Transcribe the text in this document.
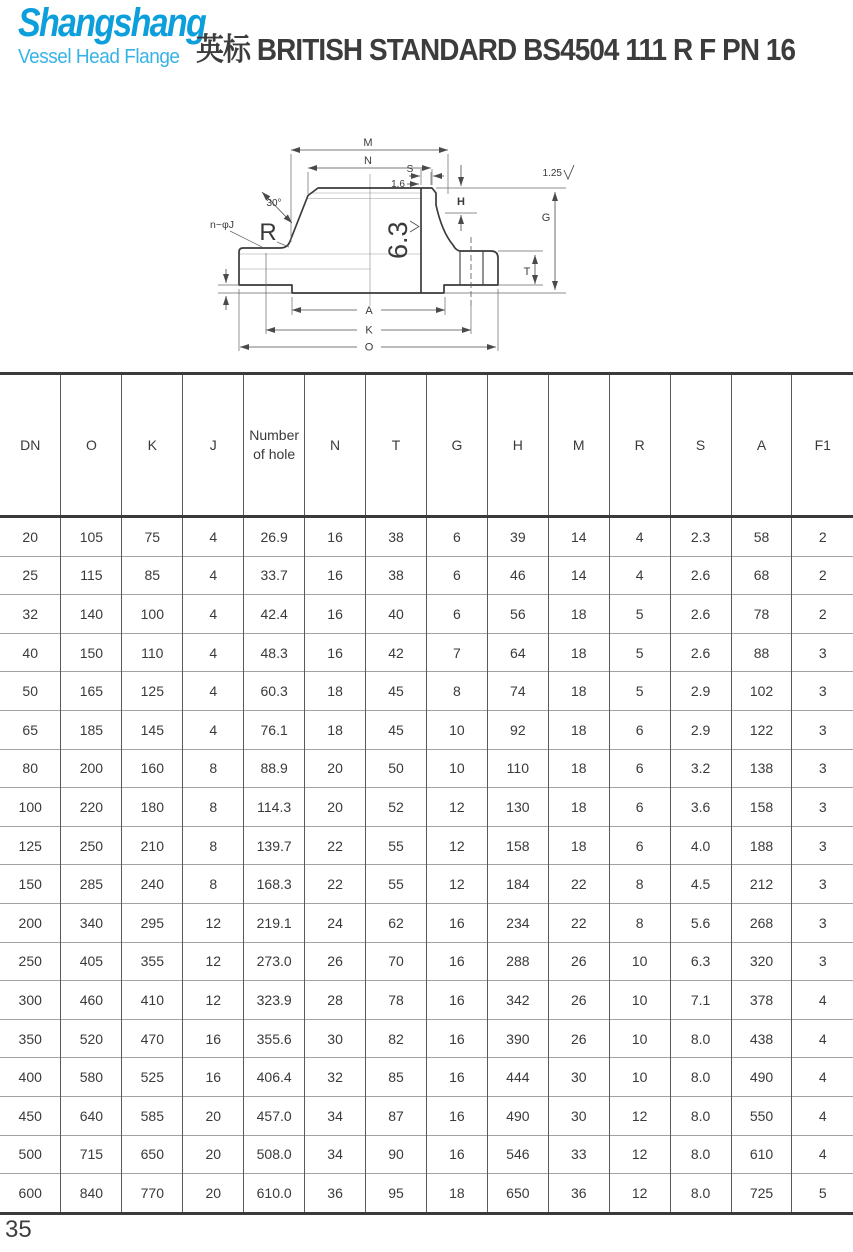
Shangshang
Vessel Head Flange 英标 BRITISH STANDARD BS4504 111 R F PN 16
M
N
S
1.6
H
G
1.25
30°
R
n~φJ	6.3
T
A
K
O
DN	O	K	J	Number of hole	N	T	G	H	M	R	S	A	F1
20	105	75	4	26.9	16	38	6	39	14	4	2.3	58	2
25	115	85	4	33.7	16	38	6	46	14	4	2.6	68	2
32	140	100	4	42.4	16	40	6	56	18	5	2.6	78	2
40	150	110	4	48.3	16	42	7	64	18	5	2.6	88	3
50	165	125	4	60.3	18	45	8	74	18	5	2.9	102	3
65	185	145	4	76.1	18	45	10	92	18	6	2.9	122	3
80	200	160	8	88.9	20	50	10	110	18	6	3.2	138	3
100	220	180	8	114.3	20	52	12	130	18	6	3.6	158	3
125	250	210	8	139.7	22	55	12	158	18	6	4.0	188	3
150	285	240	8	168.3	22	55	12	184	22	8	4.5	212	3
200	340	295	12	219.1	24	62	16	234	22	8	5.6	268	3
250	405	355	12	273.0	26	70	16	288	26	10	6.3	320	3
300	460	410	12	323.9	28	78	16	342	26	10	7.1	378	4
350	520	470	16	355.6	30	82	16	390	26	10	8.0	438	4
400	580	525	16	406.4	32	85	16	444	30	10	8.0	490	4
450	640	585	20	457.0	34	87	16	490	30	12	8.0	550	4
500	715	650	20	508.0	34	90	16	546	33	12	8.0	610	4
600	840	770	20	610.0	36	95	18	650	36	12	8.0	725	5
35
